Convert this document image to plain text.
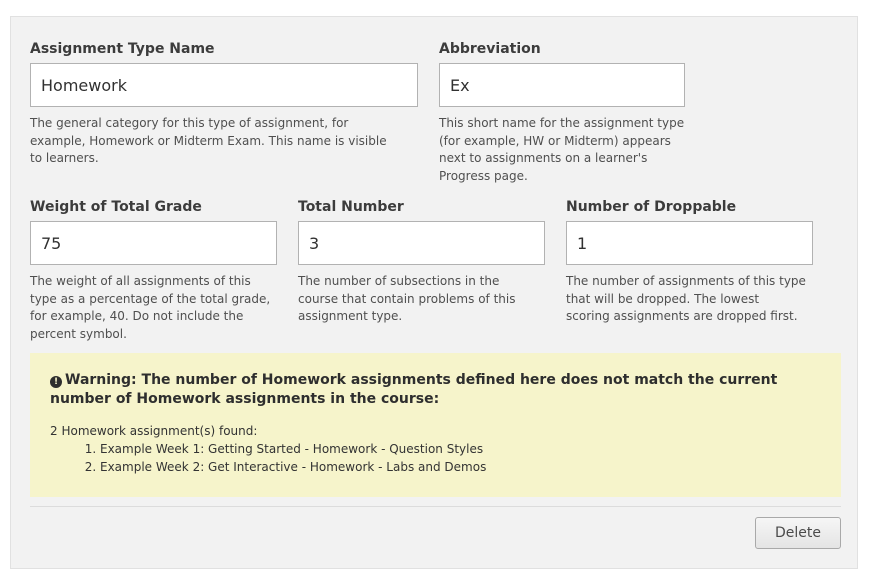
Assignment Type Name
Homework

The general category for this type of assignment, for example, Homework or Midterm Exam. This name is visible to learners.

Abbreviation
Ex

This short name for the assignment type (for example, HW or Midterm) appears next to assignments on a learner's Progress page.

Weight of Total Grade
75

The weight of all assignments of this type as a percentage of the total grade, for example, 40. Do not include the percent symbol.

Total Number
3

The number of subsections in the course that contain problems of this assignment type.

Number of Droppable
1

The number of assignments of this type that will be dropped. The lowest scoring assignments are dropped first.

! Warning: The number of Homework assignments defined here does not match the current number of Homework assignments in the course:

2 Homework assignment(s) found:

1. Example Week 1: Getting Started - Homework - Question Styles
2. Example Week 2: Get Interactive - Homework - Labs and Demos
Delete
